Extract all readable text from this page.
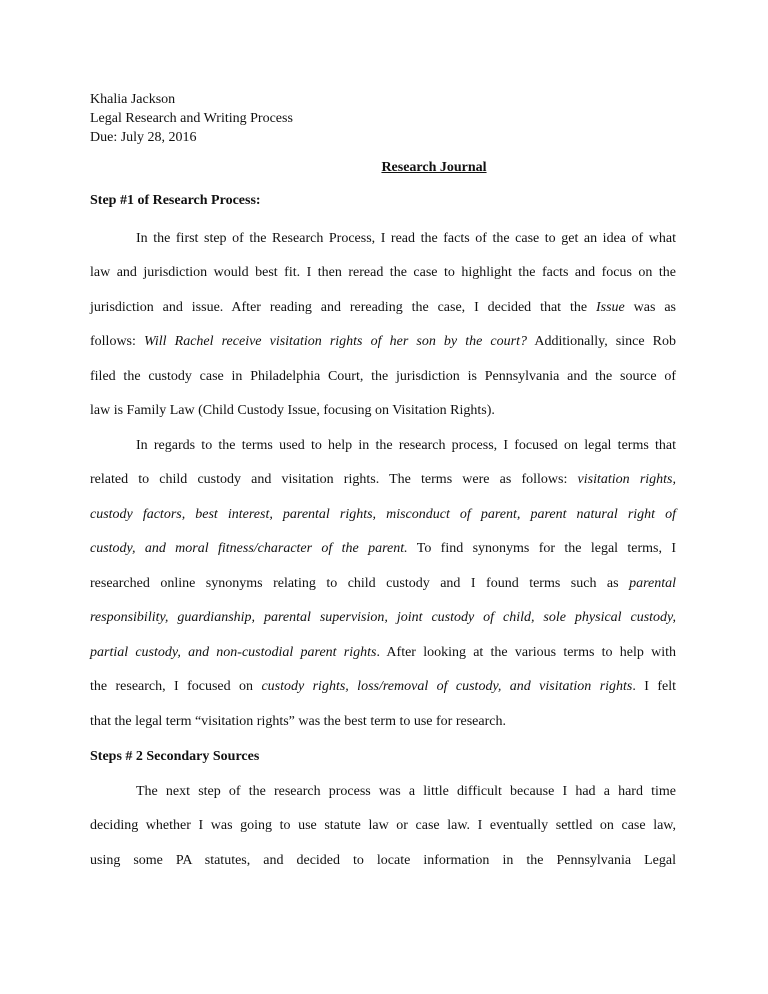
Khalia Jackson
Legal Research and Writing Process
Due: July 28, 2016
Research Journal
Step #1 of Research Process:
In the first step of the Research Process, I read the facts of the case to get an idea of what
law and jurisdiction would best fit. I then reread the case to highlight the facts and focus on the
jurisdiction and issue. After reading and rereading the case, I decided that the Issue was as
follows: Will Rachel receive visitation rights of her son by the court? Additionally, since Rob
filed the custody case in Philadelphia Court, the jurisdiction is Pennsylvania and the source of
law is Family Law (Child Custody Issue, focusing on Visitation Rights).
In regards to the terms used to help in the research process, I focused on legal terms that
related to child custody and visitation rights. The terms were as follows: visitation rights,
custody factors, best interest, parental rights, misconduct of parent, parent natural right of
custody, and moral fitness/character of the parent. To find synonyms for the legal terms, I
researched online synonyms relating to child custody and I found terms such as parental
responsibility, guardianship, parental supervision, joint custody of child, sole physical custody,
partial custody, and non-custodial parent rights. After looking at the various terms to help with
the research, I focused on custody rights, loss/removal of custody, and visitation rights. I felt
that the legal term “visitation rights” was the best term to use for research.
Steps # 2 Secondary Sources
The next step of the research process was a little difficult because I had a hard time
deciding whether I was going to use statute law or case law. I eventually settled on case law,
using some PA statutes, and decided to locate information in the Pennsylvania Legal
